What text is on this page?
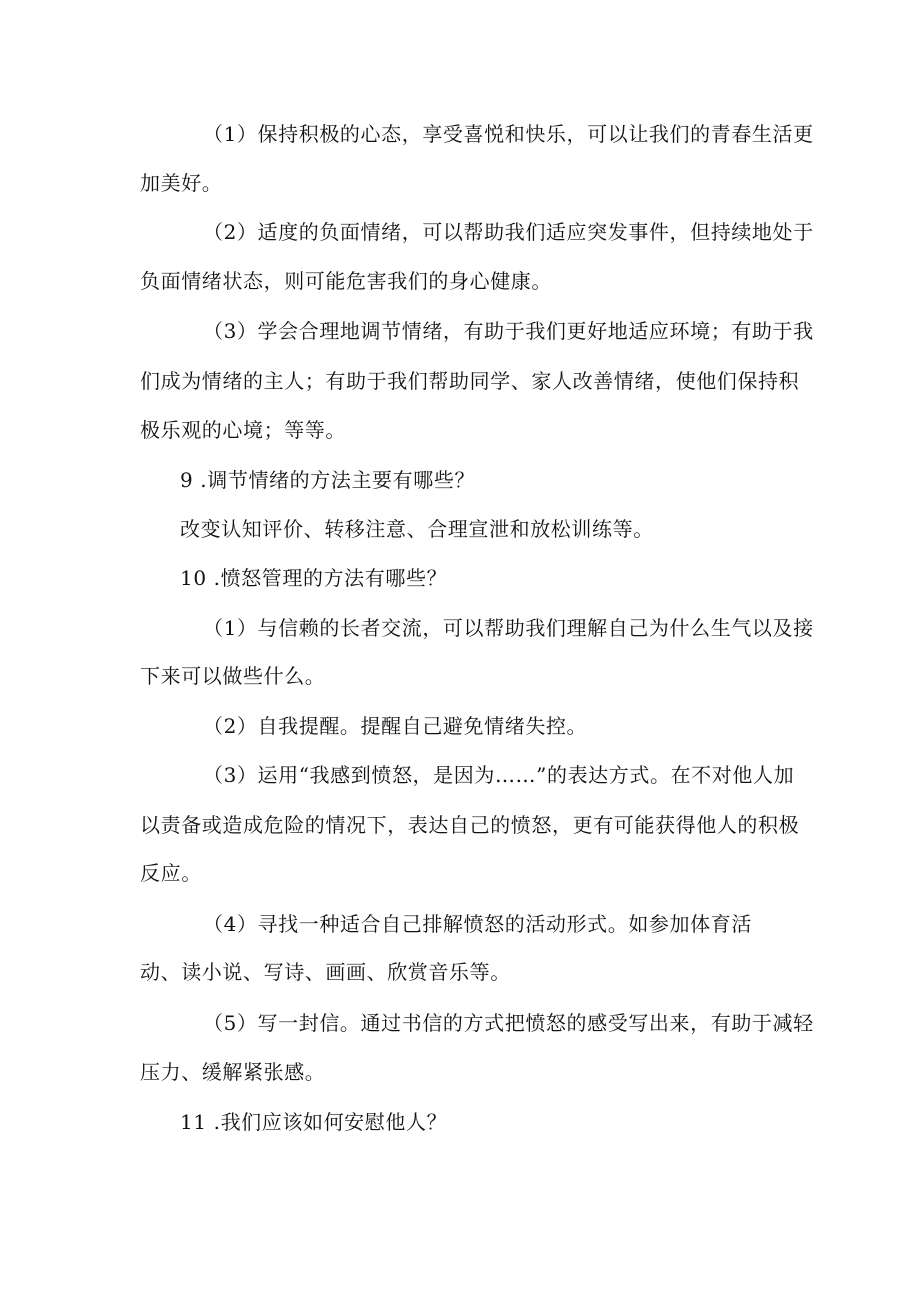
（1）保持积极的心态，享受喜悦和快乐，可以让我们的青春生活更
加美好。
（2）适度的负面情绪，可以帮助我们适应突发事件，但持续地处于
负面情绪状态，则可能危害我们的身心健康。
（3）学会合理地调节情绪，有助于我们更好地适应环境；有助于我
们成为情绪的主人；有助于我们帮助同学、家人改善情绪，使他们保持积
极乐观的心境；等等。
9 .调节情绪的方法主要有哪些？
改变认知评价、转移注意、合理宣泄和放松训练等。
10 .愤怒管理的方法有哪些？
（1）与信赖的长者交流，可以帮助我们理解自己为什么生气以及接
下来可以做些什么。
（2）自我提醒。提醒自己避免情绪失控。
（3）运用“我感到愤怒，是因为……”的表达方式。在不对他人加
以责备或造成危险的情况下，表达自己的愤怒，更有可能获得他人的积极
反应。
（4）寻找一种适合自己排解愤怒的活动形式。如参加体育活
动、读小说、写诗、画画、欣赏音乐等。
（5）写一封信。通过书信的方式把愤怒的感受写出来，有助于减轻
压力、缓解紧张感。
11 .我们应该如何安慰他人？
